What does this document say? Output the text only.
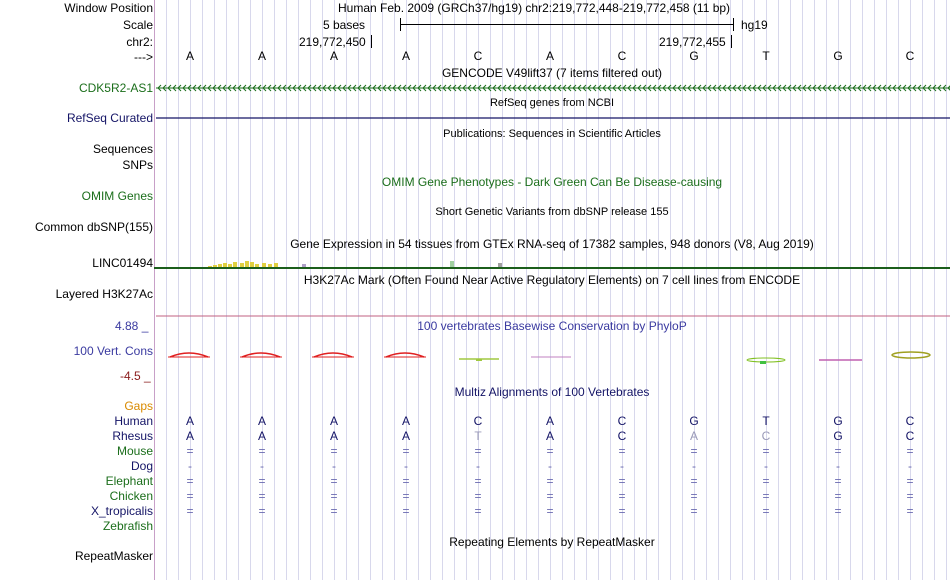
Window Position	Human Feb. 2009 (GRCh37/hg19) chr2:219,772,448-219,772,458 (11 bp)
Scale	5 bases	hg19
chr2:	219,772,450	219,772,455
--->	A	A	A	A	C	A	C	G	T	G	C
GENCODE V49lift37 (7 items filtered out)
CDK5R2-AS1
RefSeq genes from NCBI
RefSeq Curated
Publications: Sequences in Scientific Articles
Sequences
SNPs
OMIM Gene Phenotypes - Dark Green Can Be Disease-causing
OMIM Genes
Short Genetic Variants from dbSNP release 155
Common dbSNP(155)
Gene Expression in 54 tissues from GTEx RNA-seq of 17382 samples, 948 donors (V8, Aug 2019)
LINC01494
H3K27Ac Mark (Often Found Near Active Regulatory Elements) on 7 cell lines from ENCODE
Layered H3K27Ac
100 vertebrates Basewise Conservation by PhyloP
4.88 _
100 Vert. Cons
-4.5 _
Multiz Alignments of 100 Vertebrates
Gaps
Human	A	A	A	A	C	A	C	G	T	G	C
Rhesus	A	A	A	A	T	A	C	A	C	G	C
Mouse	=	=	=	=	=	=	=	=	=	=	=
Dog	-	-	-	-	-	-	-	-	-	-	-
Elephant	=	=	=	=	=	=	=	=	=	=	=
Chicken	=	=	=	=	=	=	=	=	=	=	=
X_tropicalis	=	=	=	=	=	=	=	=	=	=	=
Zebrafish
Repeating Elements by RepeatMasker
RepeatMasker
